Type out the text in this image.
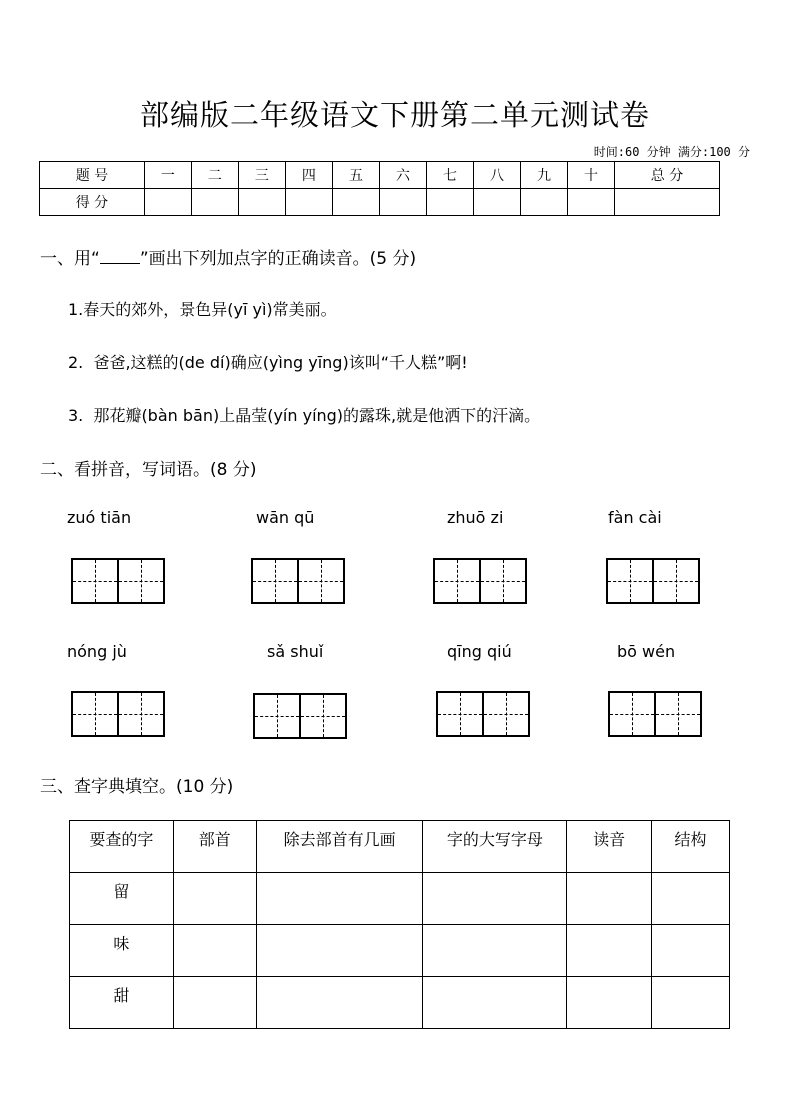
部编版二年级语文下册第二单元测试卷
时间:60 分钟 满分:100 分
题 号	一	二	三	四	五	六	七	八	九	十	总 分
得 分											
一、用“ ”画出下列加点字的正确读音。(5 分)
1.春天的郊外，景色异(yī yì)常美丽。
2.  爸爸,这糕的(de dí)确应(yìng yīng)该叫“千人糕”啊!
3.  那花瓣(bàn bān)上晶莹(yín yíng)的露珠,就是他洒下的汗滴。
二、看拼音，写词语。(8 分)
zuó tiān	wān qū	zhuō zi	fàn cài
nóng jù	sǎ shuǐ	qīng qiú	bō wén
三、查字典填空。(10 分)
要查的字	部首	除去部首有几画	字的大写字母	读音	结构
留					
味					
甜					
